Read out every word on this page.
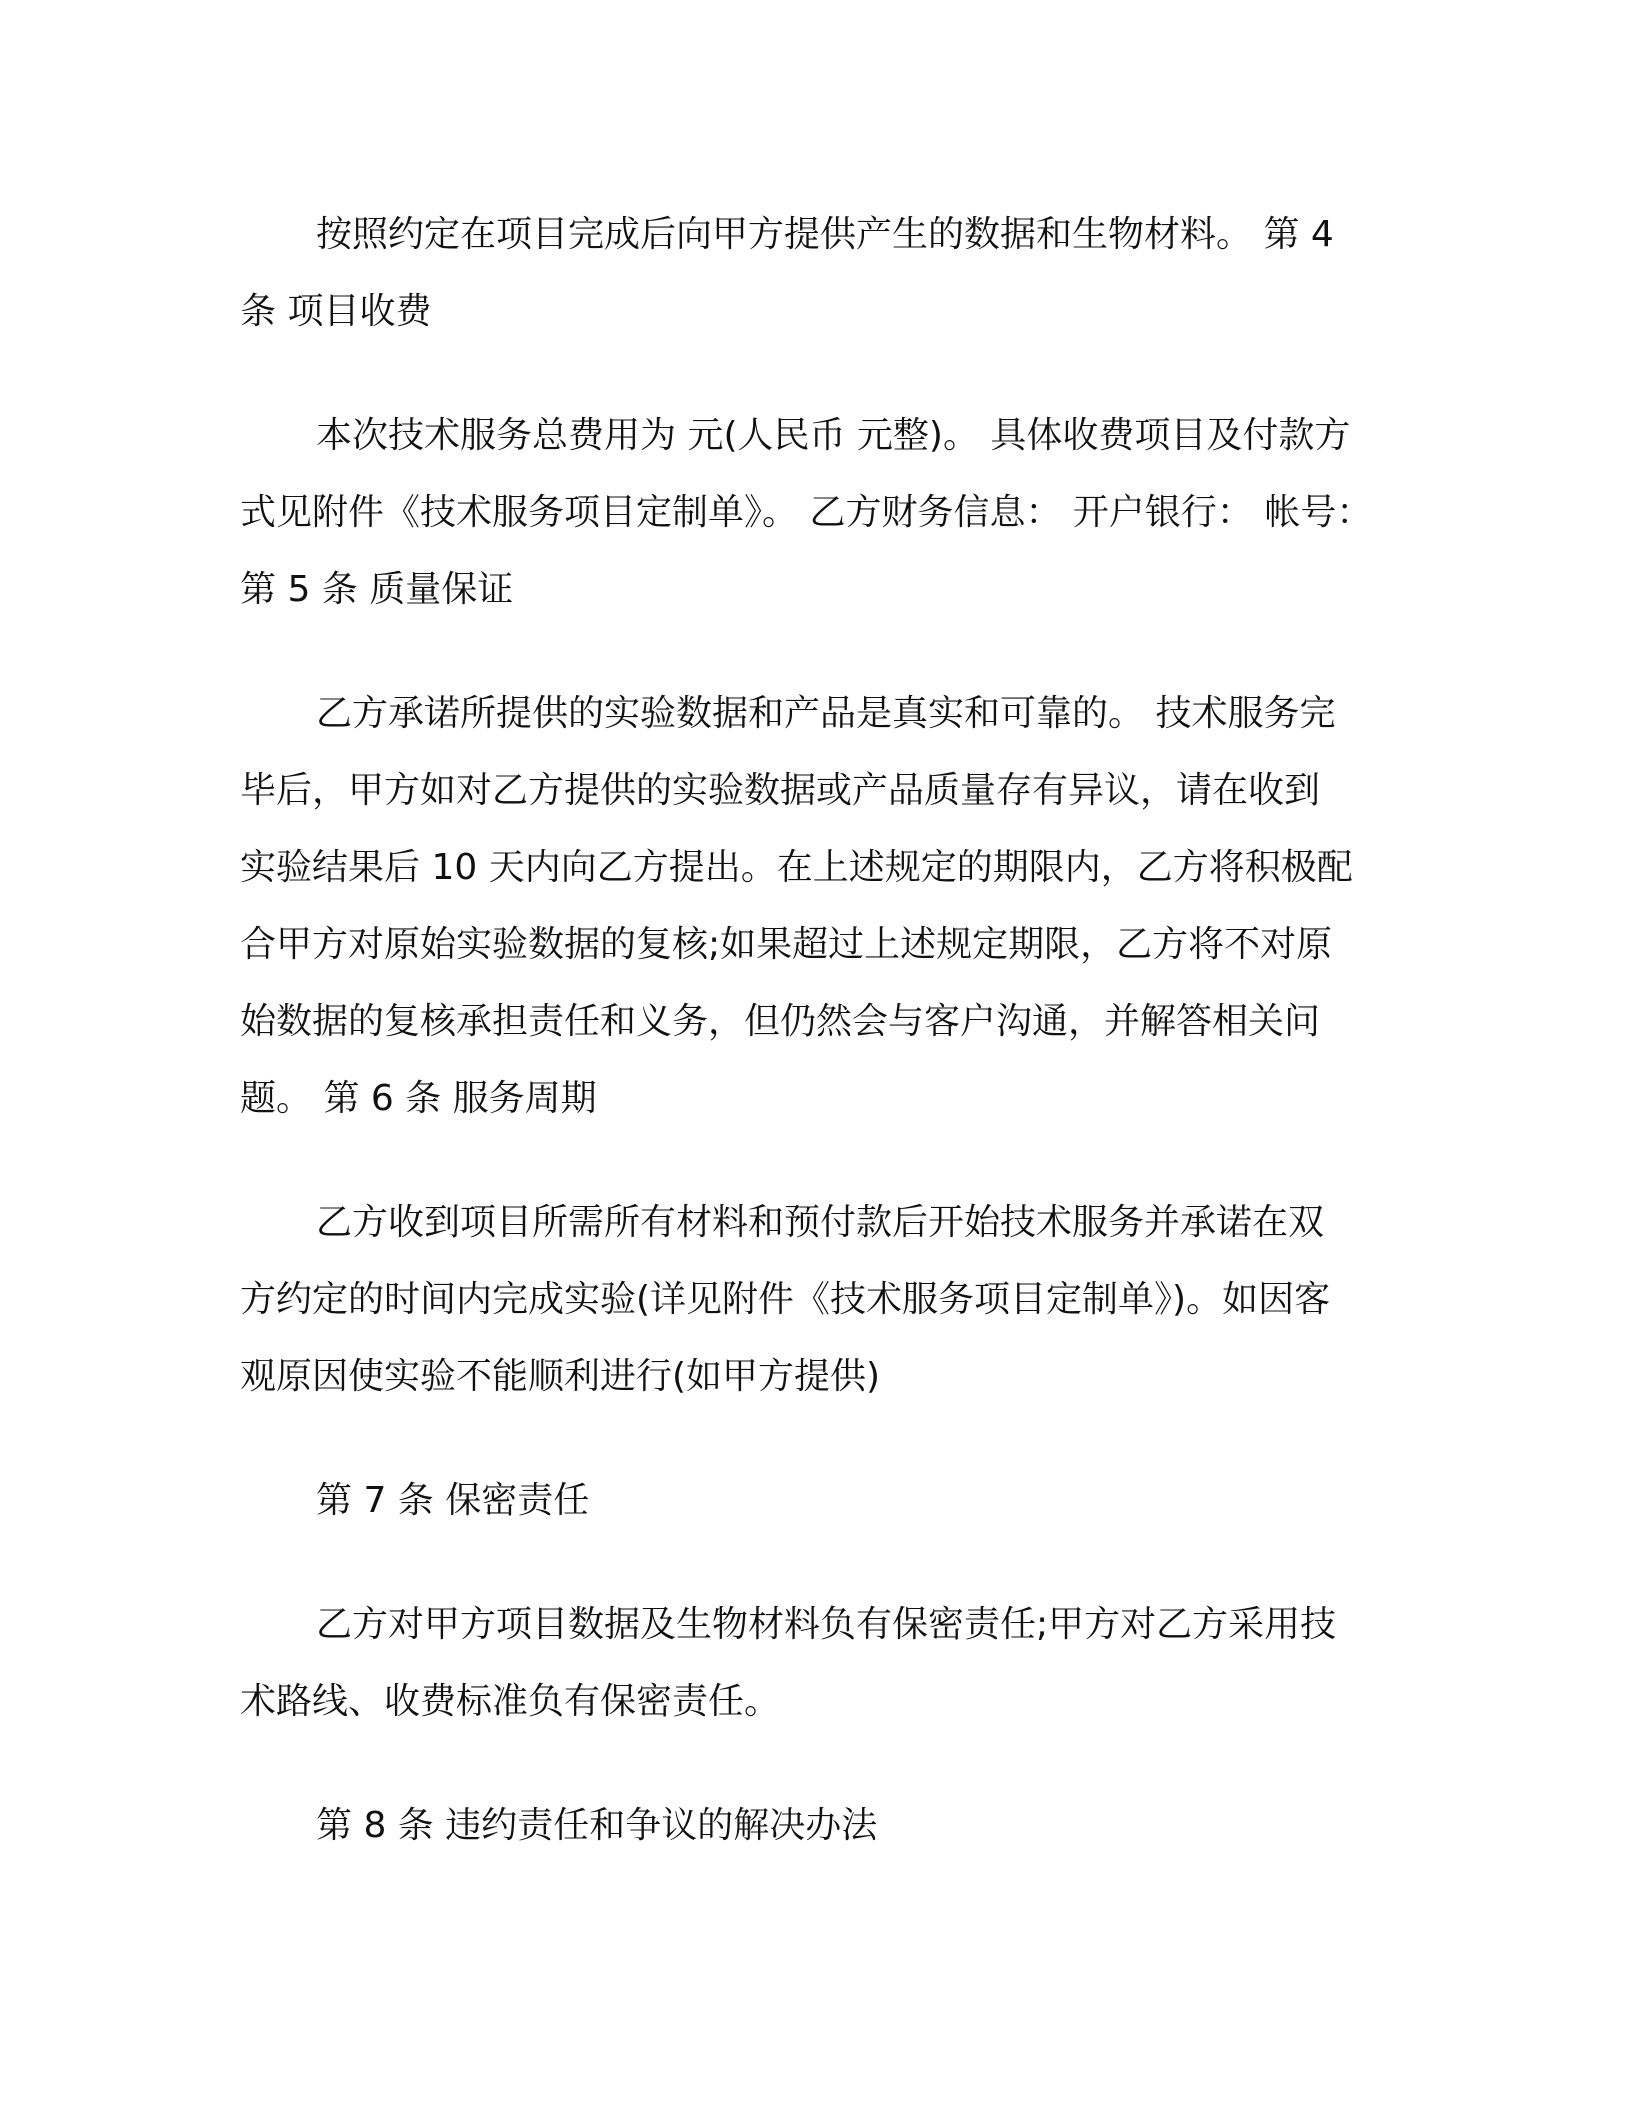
按照约定在项目完成后向甲方提供产生的数据和生物材料。 第 4
条 项目收费

本次技术服务总费用为 元(人民币 元整)。 具体收费项目及付款方
式见附件《技术服务项目定制单》。 乙方财务信息： 开户银行： 帐号：
第 5 条 质量保证

乙方承诺所提供的实验数据和产品是真实和可靠的。 技术服务完
毕后，甲方如对乙方提供的实验数据或产品质量存有异议，请在收到
实验结果后 10 天内向乙方提出。在上述规定的期限内，乙方将积极配
合甲方对原始实验数据的复核;如果超过上述规定期限，乙方将不对原
始数据的复核承担责任和义务，但仍然会与客户沟通，并解答相关问
题。 第 6 条 服务周期

乙方收到项目所需所有材料和预付款后开始技术服务并承诺在双
方约定的时间内完成实验(详见附件《技术服务项目定制单》)。如因客
观原因使实验不能顺利进行(如甲方提供)

第 7 条 保密责任

乙方对甲方项目数据及生物材料负有保密责任;甲方对乙方采用技
术路线、收费标准负有保密责任。

第 8 条 违约责任和争议的解决办法
